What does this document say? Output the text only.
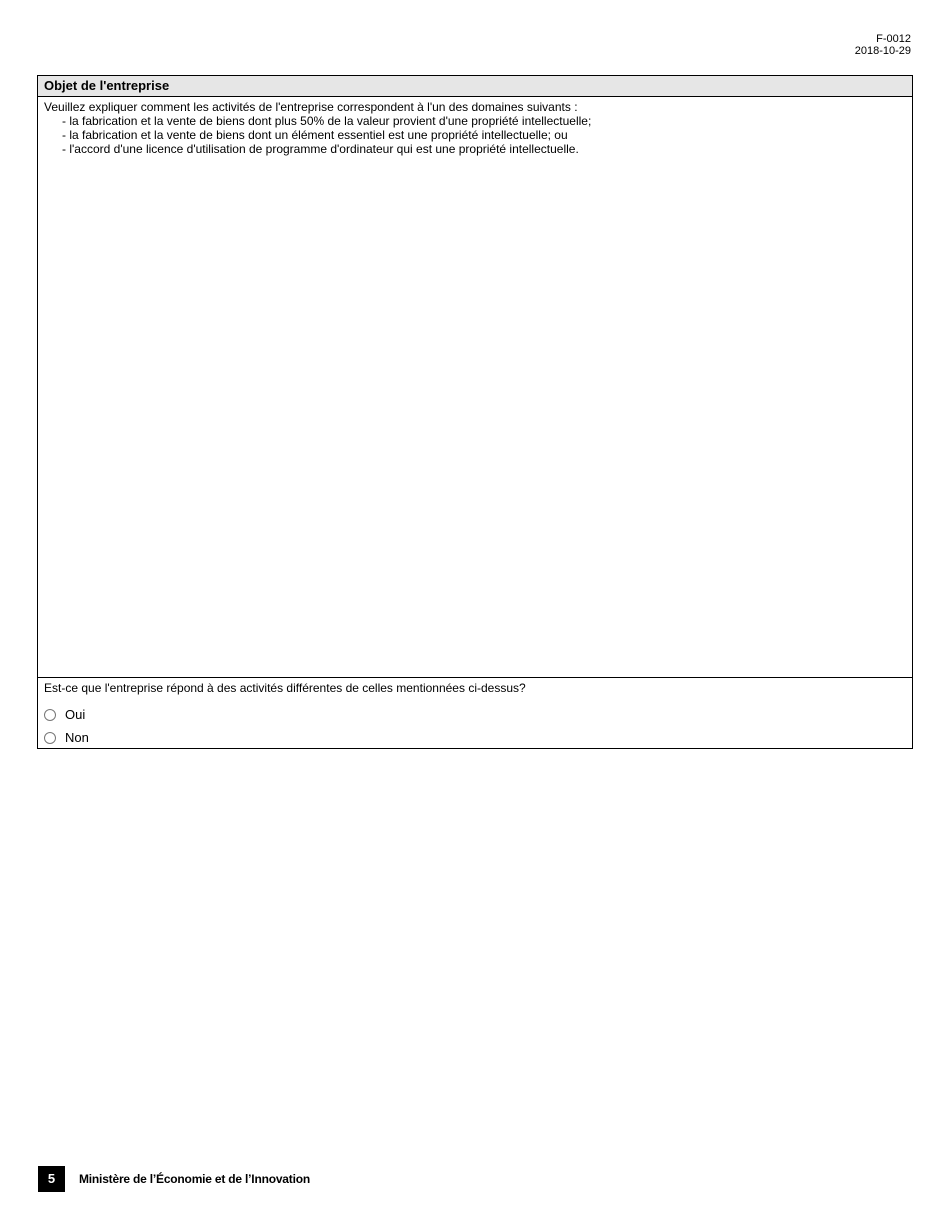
F-0012
2018-10-29
Objet de l'entreprise

Veuillez expliquer comment les activités de l'entreprise correspondent à l'un des domaines suivants :

- la fabrication et la vente de biens dont plus 50% de la valeur provient d'une propriété intellectuelle;
- la fabrication et la vente de biens dont un élément essentiel est une propriété intellectuelle; ou
- l'accord d'une licence d'utilisation de programme d'ordinateur qui est une propriété intellectuelle.

Est-ce que l'entreprise répond à des activités différentes de celles mentionnées ci-dessus?

Oui
Non
5	Ministère de l’Économie et de l’Innovation
